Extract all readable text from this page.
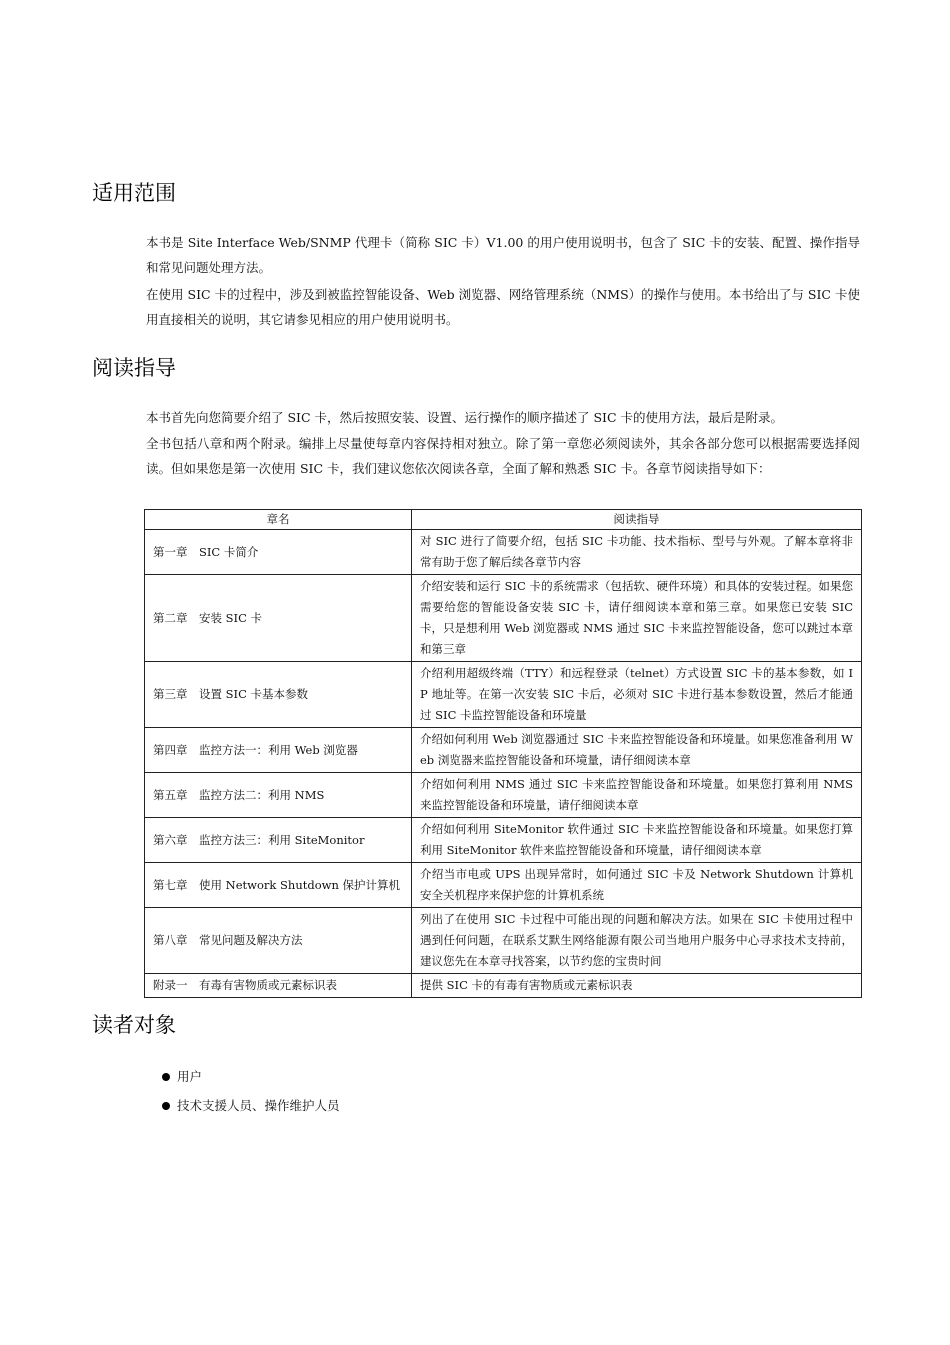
适用范围

本书是 Site Interface Web/SNMP 代理卡（简称 SIC 卡）V1.00 的用户使用说明书，包含了 SIC 卡的安装、配置、操作指导和常见问题处理方法。

在使用 SIC 卡的过程中，涉及到被监控智能设备、Web 浏览器、网络管理系统（NMS）的操作与使用。本书给出了与 SIC 卡使用直接相关的说明，其它请参见相应的用户使用说明书。

阅读指导

本书首先向您简要介绍了 SIC 卡，然后按照安装、设置、运行操作的顺序描述了 SIC 卡的使用方法，最后是附录。

全书包括八章和两个附录。编排上尽量使每章内容保持相对独立。除了第一章您必须阅读外，其余各部分您可以根据需要选择阅读。但如果您是第一次使用 SIC 卡，我们建议您依次阅读各章，全面了解和熟悉 SIC 卡。各章节阅读指导如下：

章名	阅读指导
第一章　SIC 卡简介	对 SIC 进行了简要介绍，包括 SIC 卡功能、技术指标、型号与外观。了解本章将非常有助于您了解后续各章节内容
第二章　安装 SIC 卡	介绍安装和运行 SIC 卡的系统需求（包括软、硬件环境）和具体的安装过程。如果您需要给您的智能设备安装 SIC 卡，请仔细阅读本章和第三章。如果您已安装 SIC 卡，只是想利用 Web 浏览器或 NMS 通过 SIC 卡来监控智能设备，您可以跳过本章和第三章
第三章　设置 SIC 卡基本参数	介绍利用超级终端（TTY）和远程登录（telnet）方式设置 SIC 卡的基本参数，如 IP 地址等。在第一次安装 SIC 卡后，必须对 SIC 卡进行基本参数设置，然后才能通过 SIC 卡监控智能设备和环境量
第四章　监控方法一：利用 Web 浏览器	介绍如何利用 Web 浏览器通过 SIC 卡来监控智能设备和环境量。如果您准备利用 Web 浏览器来监控智能设备和环境量，请仔细阅读本章
第五章　监控方法二：利用 NMS	介绍如何利用 NMS 通过 SIC 卡来监控智能设备和环境量。如果您打算利用 NMS 来监控智能设备和环境量，请仔细阅读本章
第六章　监控方法三：利用 SiteMonitor	介绍如何利用 SiteMonitor 软件通过 SIC 卡来监控智能设备和环境量。如果您打算利用 SiteMonitor 软件来监控智能设备和环境量，请仔细阅读本章
第七章　使用 Network Shutdown 保护计算机	介绍当市电或 UPS 出现异常时，如何通过 SIC 卡及 Network Shutdown 计算机安全关机程序来保护您的计算机系统
第八章　常见问题及解决方法	列出了在使用 SIC 卡过程中可能出现的问题和解决方法。如果在 SIC 卡使用过程中遇到任何问题，在联系艾默生网络能源有限公司当地用户服务中心寻求技术支持前，建议您先在本章寻找答案，以节约您的宝贵时间
附录一　有毒有害物质或元素标识表	提供 SIC 卡的有毒有害物质或元素标识表
读者对象
用户
技术支援人员、操作维护人员
